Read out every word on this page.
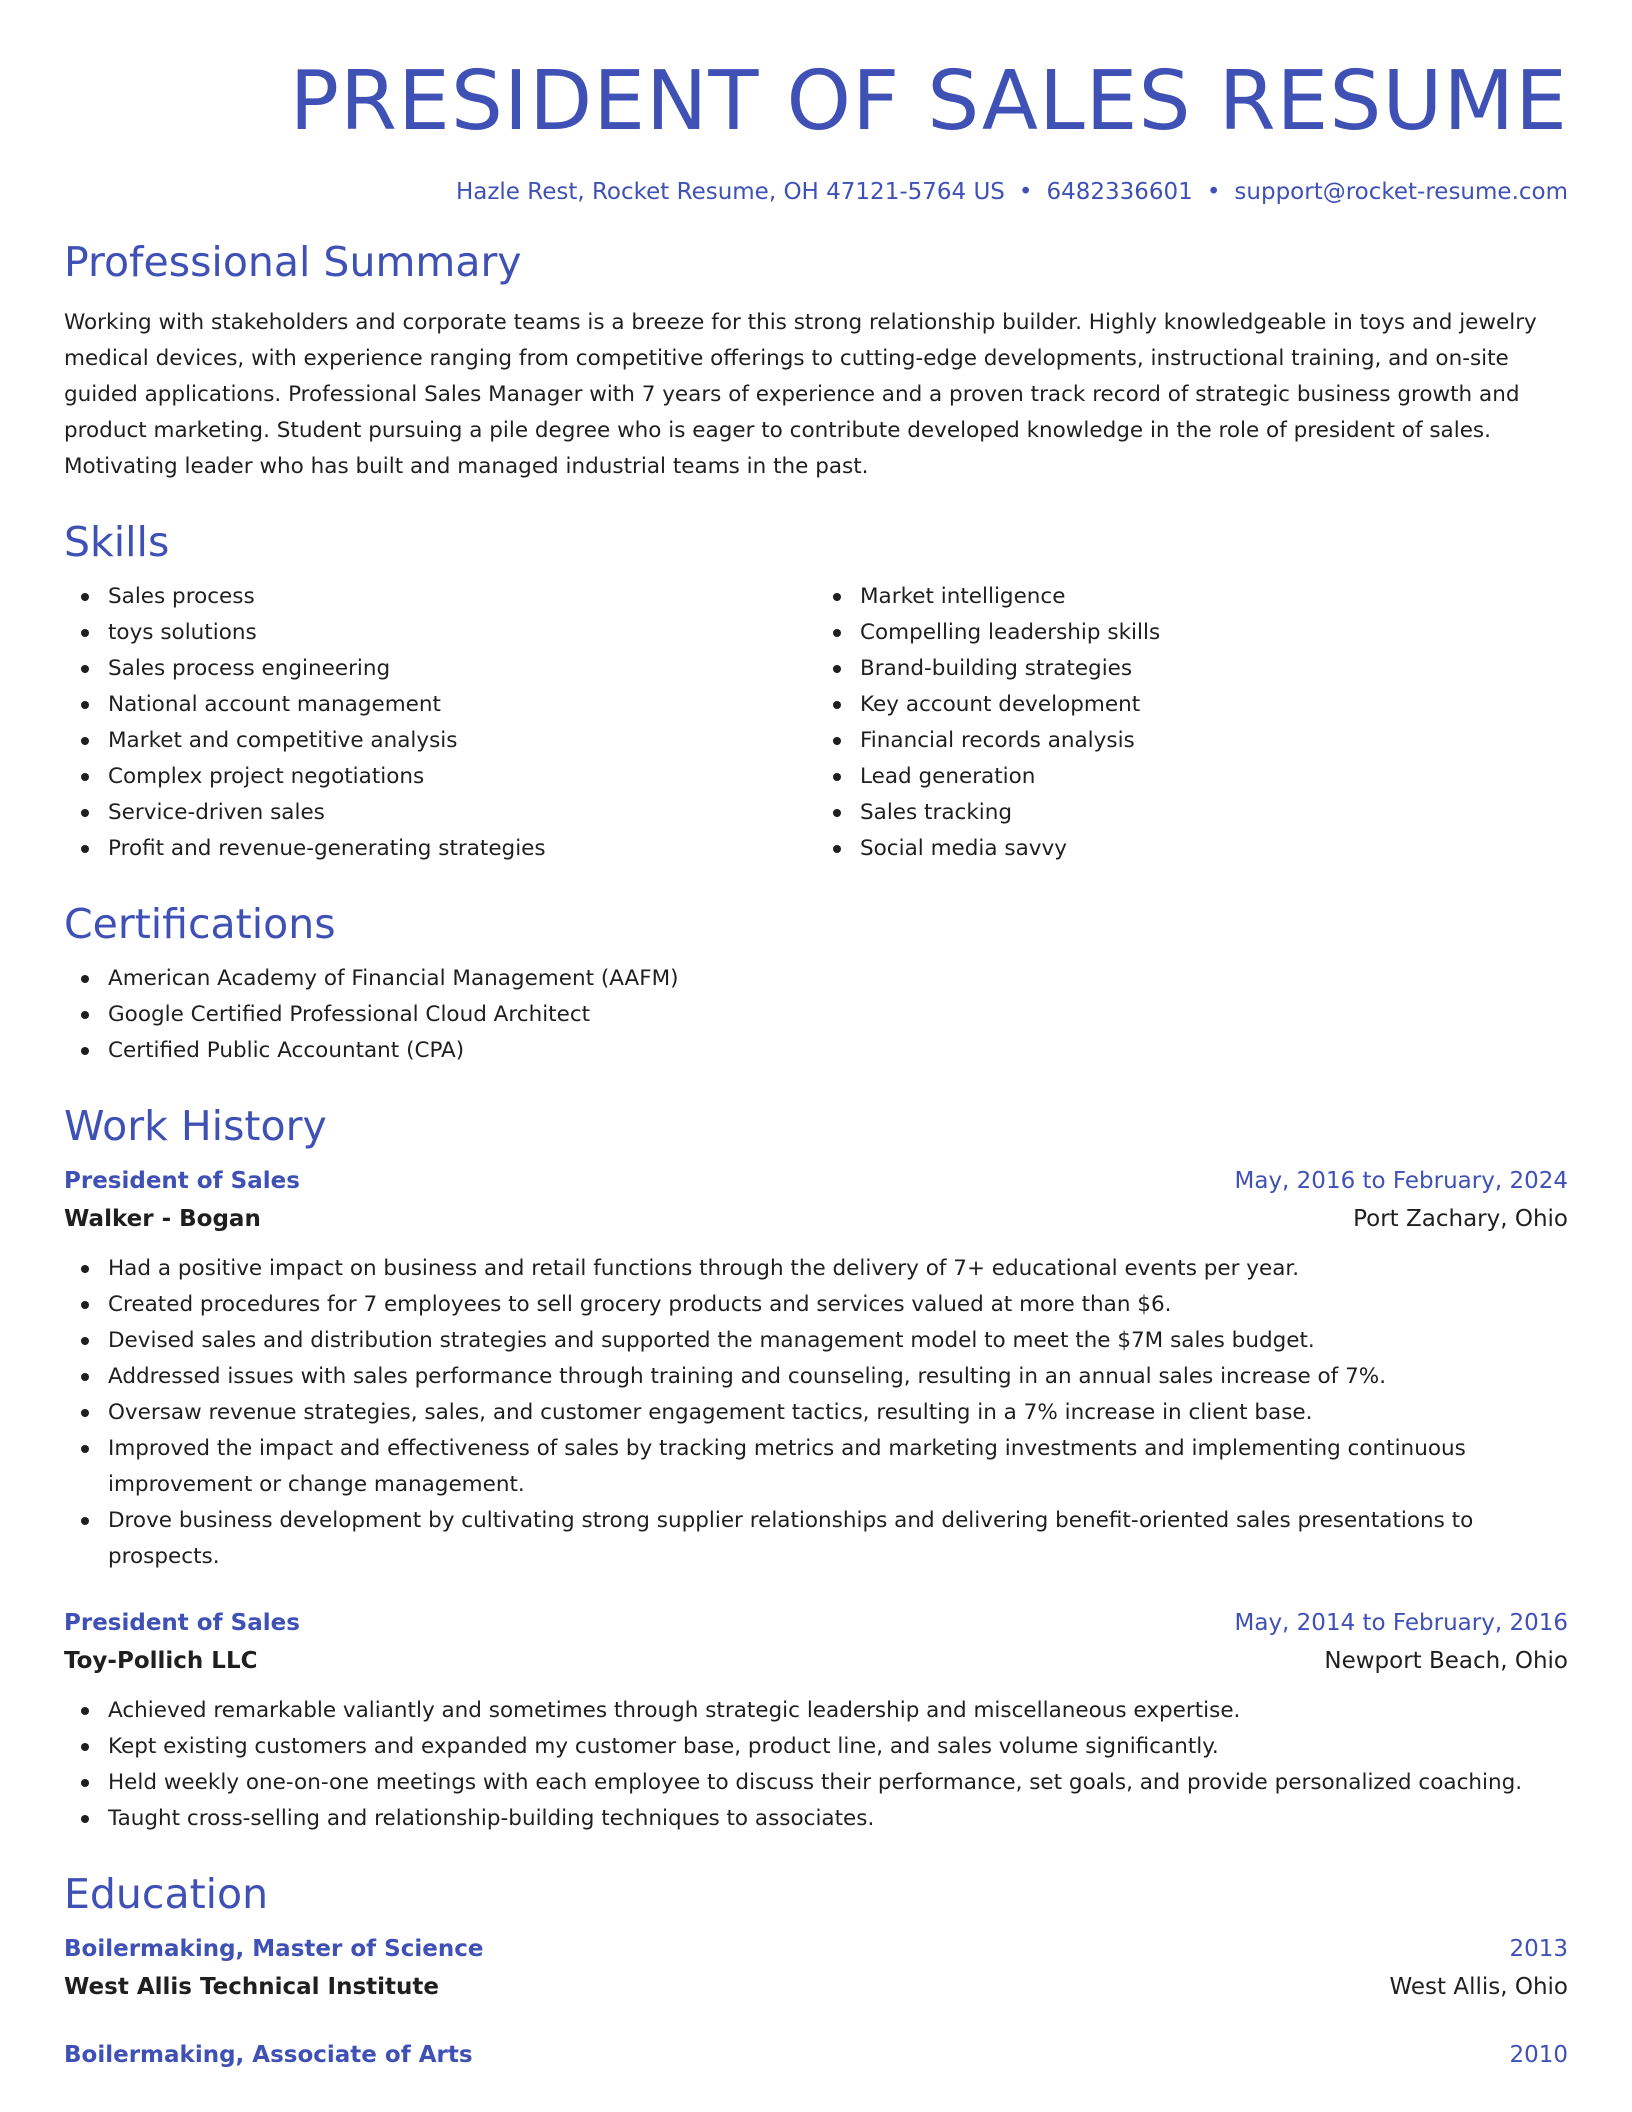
PRESIDENT OF SALES RESUME
Hazle Rest, Rocket Resume, OH 47121-5764 US • 6482336601 • support@rocket-resume.com
Professional Summary

Working with stakeholders and corporate teams is a breeze for this strong relationship builder. Highly knowledgeable in toys and jewelry medical devices, with experience ranging from competitive offerings to cutting-edge developments, instructional training, and on-site guided applications. Professional Sales Manager with 7 years of experience and a proven track record of strategic business growth and product marketing. Student pursuing a pile degree who is eager to contribute developed knowledge in the role of president of sales. Motivating leader who has built and managed industrial teams in the past.

Skills
Sales process
toys solutions
Sales process engineering
National account management
Market and competitive analysis
Complex project negotiations
Service-driven sales
Profit and revenue-generating strategies
Market intelligence
Compelling leadership skills
Brand-building strategies
Key account development
Financial records analysis
Lead generation
Sales tracking
Social media savvy
Certifications
American Academy of Financial Management (AAFM)
Google Certified Professional Cloud Architect
Certified Public Accountant (CPA)
Work History
President of Sales	May, 2016 to February, 2024
Walker - Bogan	Port Zachary, Ohio
Had a positive impact on business and retail functions through the delivery of 7+ educational events per year.
Created procedures for 7 employees to sell grocery products and services valued at more than $6.
Devised sales and distribution strategies and supported the management model to meet the $7M sales budget.
Addressed issues with sales performance through training and counseling, resulting in an annual sales increase of 7%.
Oversaw revenue strategies, sales, and customer engagement tactics, resulting in a 7% increase in client base.
Improved the impact and effectiveness of sales by tracking metrics and marketing investments and implementing continuous improvement or change management.
Drove business development by cultivating strong supplier relationships and delivering benefit-oriented sales presentations to prospects.
President of Sales	May, 2014 to February, 2016
Toy-Pollich LLC	Newport Beach, Ohio
Achieved remarkable valiantly and sometimes through strategic leadership and miscellaneous expertise.
Kept existing customers and expanded my customer base, product line, and sales volume significantly.
Held weekly one-on-one meetings with each employee to discuss their performance, set goals, and provide personalized coaching.
Taught cross-selling and relationship-building techniques to associates.
Education
Boilermaking, Master of Science	2013
West Allis Technical Institute	West Allis, Ohio
Boilermaking, Associate of Arts	2010
